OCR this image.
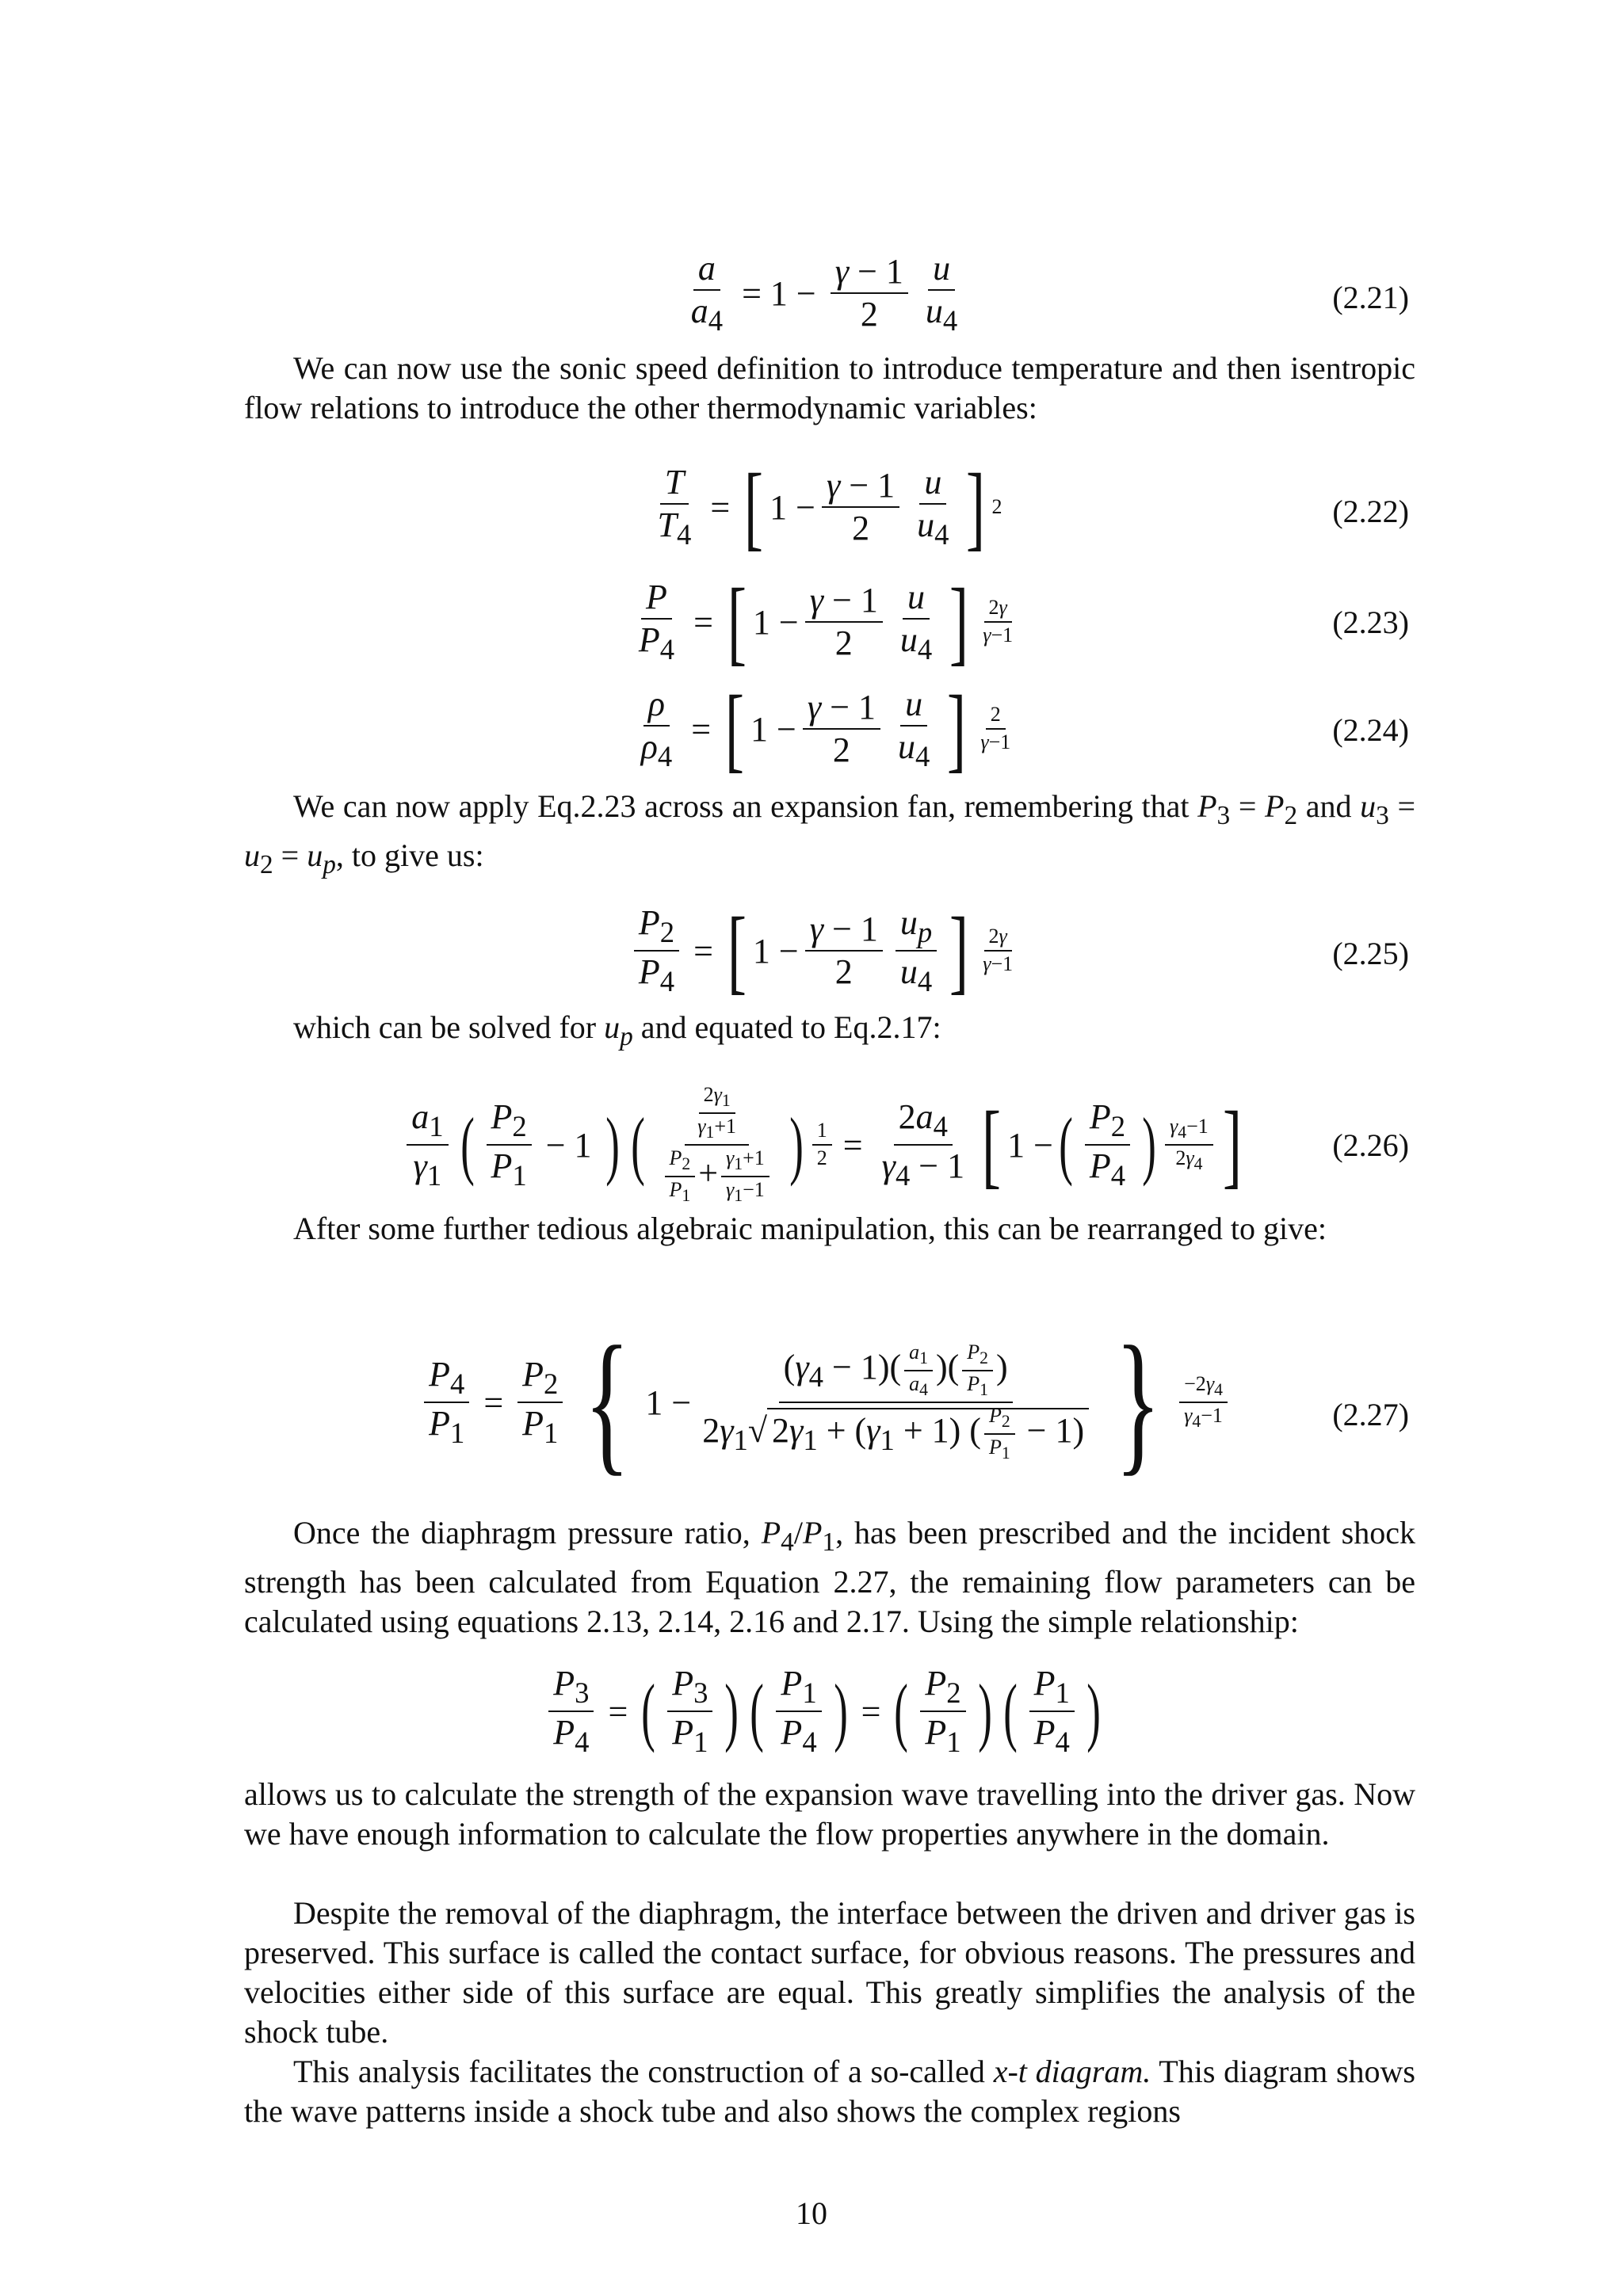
$\frac{a}{a_4} = 1 - \frac{\gamma - 1}{2} \frac{u}{u_4}$	(2.21)
We can now use the sonic speed definition to introduce temperature and then isentropic flow relations to introduce the other thermodynamic variables:
$\frac{T}{T_4}$ = [ $1 - \frac{\gamma - 1}{2} \frac{u}{u_4}$ ] 2	(2.22)
$\frac{P}{P_4}$ = [ $1 - \frac{\gamma - 1}{2} \frac{u}{u_4}$ ] $\frac{2\gamma}{\gamma-1}$	(2.23)
$\frac{\rho}{\rho_4}$ = [ $1 - \frac{\gamma - 1}{2} \frac{u}{u_4}$ ] $\frac{2}{\gamma-1}$	(2.24)
We can now apply Eq.2.23 across an expansion fan, remembering that $P_3 = P_2$ and $u_3 = u_2 = u_p$, to give us:
$\frac{P_2}{P_4}$ = [ $1 - \frac{\gamma - 1}{2} \frac{u_p}{u_4}$ ] $\frac{2\gamma}{\gamma-1}$	(2.25)
which can be solved for $u_p$ and equated to Eq.2.17:
$\frac{a_1}{\gamma_1}$ ( $\frac{P_2}{P_1} - 1$ ) ( $\frac{\frac{2\gamma_1}{\gamma_1+1}}{\frac{P_2}{P_1} + \frac{\gamma_1+1}{\gamma_1-1}}$ ) $\frac{1}{2} = \frac{2a_4}{\gamma_4 - 1}$ [ 1 − ( $\frac{P_2}{P_4}$ ) $\frac{\gamma_4-1}{2\gamma_4}$ ]	(2.26)
After some further tedious algebraic manipulation, this can be rearranged to give:
$\frac{P_4}{P_1} = \frac{P_2}{P_1}$ { $1 - \frac{(\gamma_4 - 1)( \frac{a_1}{a_4} )( \frac{P_2}{P_1} )}{2\gamma_1√ 2\gamma_1 + (\gamma_1 + 1) ( \frac{P_2}{P_1} - 1)}$ } $\frac{-2\gamma_4}{\gamma_4-1}$	(2.27)
Once the diaphragm pressure ratio, $P_4/P_1$, has been prescribed and the incident shock strength has been calculated from Equation 2.27, the remaining flow parameters can be calculated using equations 2.13, 2.14, 2.16 and 2.17. Using the simple relationship:
$\frac{P_3}{P_4}$ = ( $\frac{P_3}{P_1}$ ) ( $\frac{P_1}{P_4}$ ) = ( $\frac{P_2}{P_1}$ ) ( $\frac{P_1}{P_4}$ )
allows us to calculate the strength of the expansion wave travelling into the driver gas. Now we have enough information to calculate the flow properties anywhere in the domain.
Despite the removal of the diaphragm, the interface between the driven and driver gas is preserved. This surface is called the contact surface, for obvious reasons. The pressures and velocities either side of this surface are equal. This greatly simplifies the analysis of the shock tube.
This analysis facilitates the construction of a so-called x-t diagram. This diagram shows the wave patterns inside a shock tube and also shows the complex regions
10
